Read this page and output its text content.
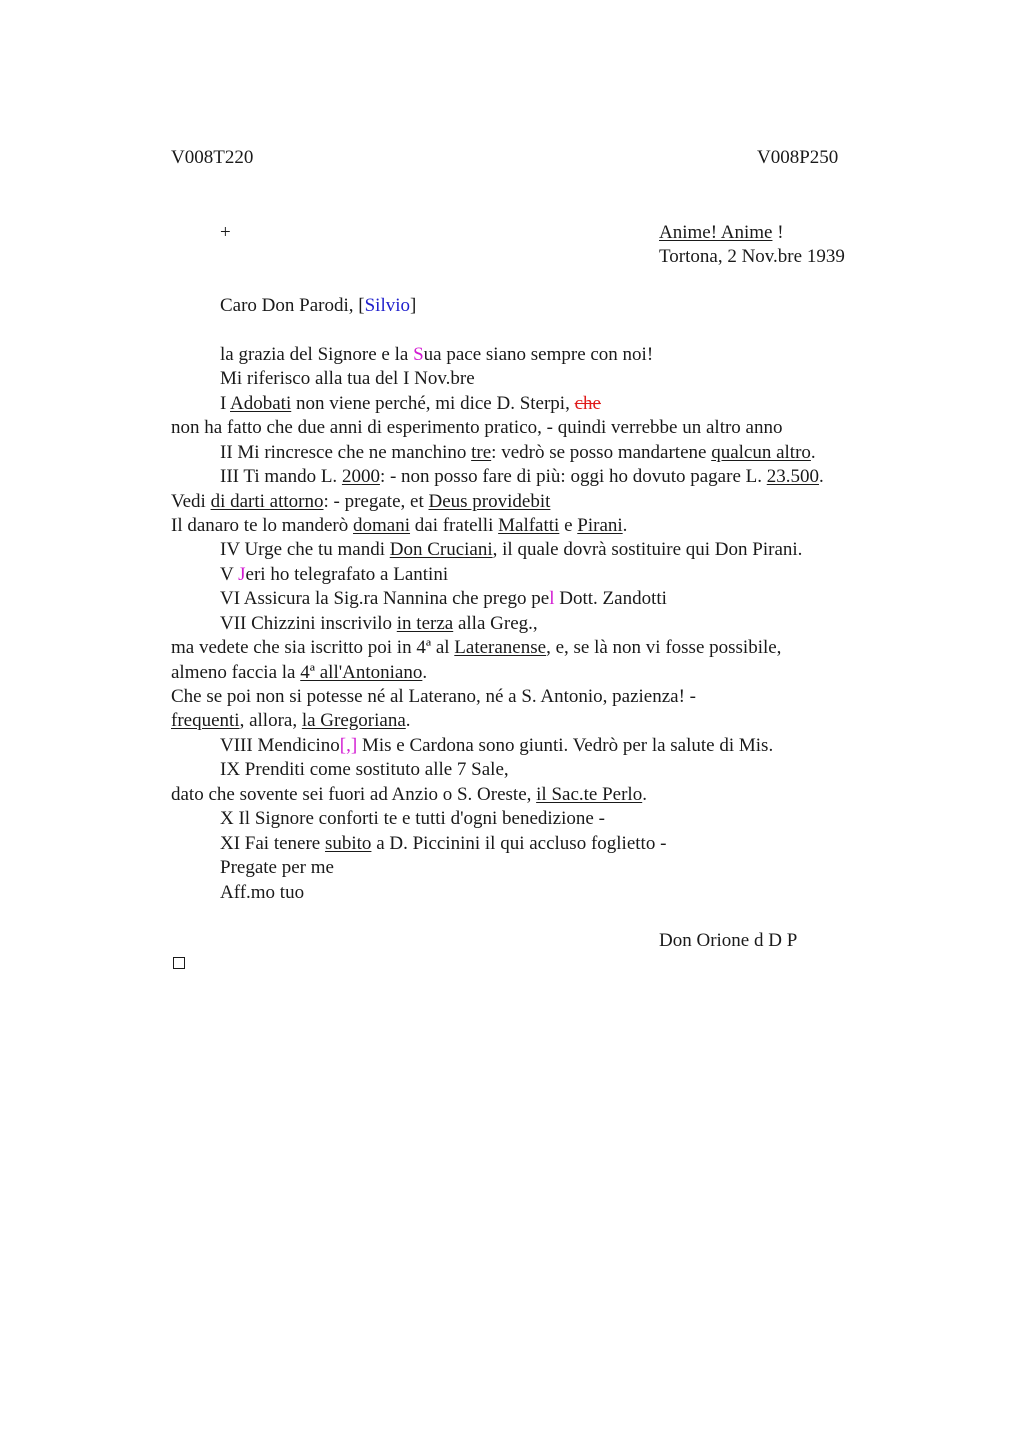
V008T220	V008P250
+	Anime! Anime !
Tortona, 2 Nov.bre 1939
Caro Don Parodi, [Silvio]
la grazia del Signore e la Sua pace siano sempre con noi!
Mi riferisco alla tua del I Nov.bre
I Adobati non viene perché, mi dice D. Sterpi, che
non ha fatto che due anni di esperimento pratico, - quindi verrebbe un altro anno
II Mi rincresce che ne manchino tre: vedrò se posso mandartene qualcun altro.
III Ti mando L. 2000: - non posso fare di più: oggi ho dovuto pagare L. 23.500.
Vedi di darti attorno: - pregate, et Deus providebit
Il danaro te lo manderò domani dai fratelli Malfatti e Pirani.
IV Urge che tu mandi Don Cruciani, il quale dovrà sostituire qui Don Pirani.
V Jeri ho telegrafato a Lantini
VI Assicura la Sig.ra Nannina che prego pel Dott. Zandotti
VII Chizzini inscrivilo in terza alla Greg.,
ma vedete che sia iscritto poi in 4ª al Lateranense, e, se là non vi fosse possibile,
almeno faccia la 4ª all'Antoniano.
Che se poi non si potesse né al Laterano, né a S. Antonio, pazienza! -
frequenti, allora, la Gregoriana.
VIII Mendicino[,] Mis e Cardona sono giunti. Vedrò per la salute di Mis.
IX Prenditi come sostituto alle 7 Sale,
dato che sovente sei fuori ad Anzio o S. Oreste, il Sac.te Perlo.
X Il Signore conforti te e tutti d'ogni benedizione -
XI Fai tenere subito a D. Piccinini il qui accluso foglietto -
Pregate per me
Aff.mo tuo
Don Orione d D P
